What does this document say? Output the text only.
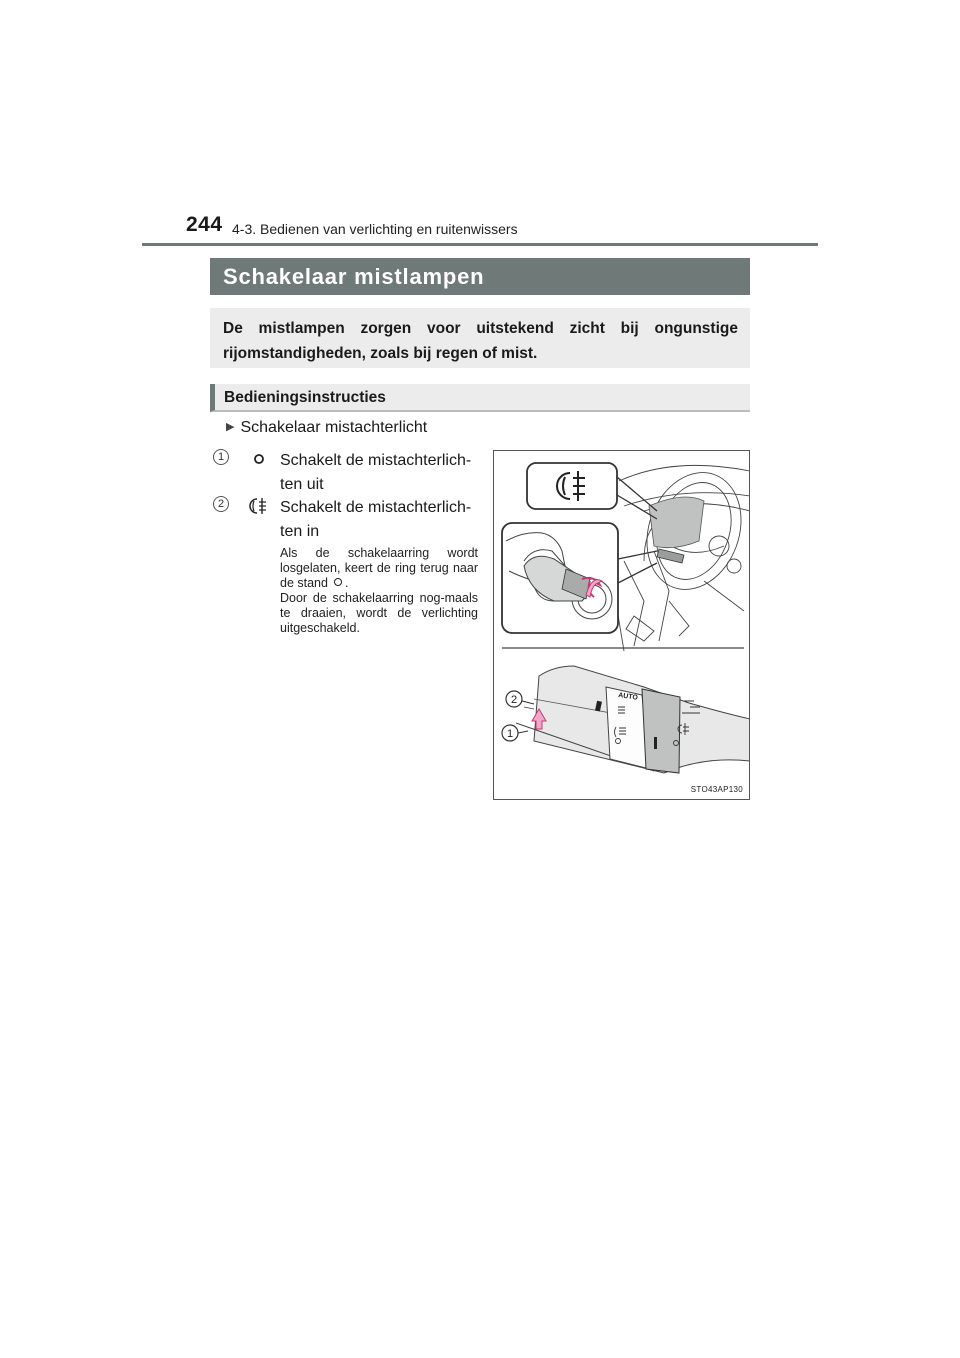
244 4-3. Bedienen van verlichting en ruitenwissers
Schakelaar mistlampen
De mistlampen zorgen voor uitstekend zicht bij ongunstige rijomstandigheden, zoals bij regen of mist.
Bedieningsinstructies
▶ Schakelaar mistachterlicht
1	Schakelt de mistachterlich-ten uit
2	Schakelt de mistachterlich-ten in

Als de schakelaarring wordt losgelaten, keert de ring terug naar de stand .

Door de schakelaarring nog-maals te draaien, wordt de verlichting uitgeschakeld.

AUTO
2
1
STO43AP130
